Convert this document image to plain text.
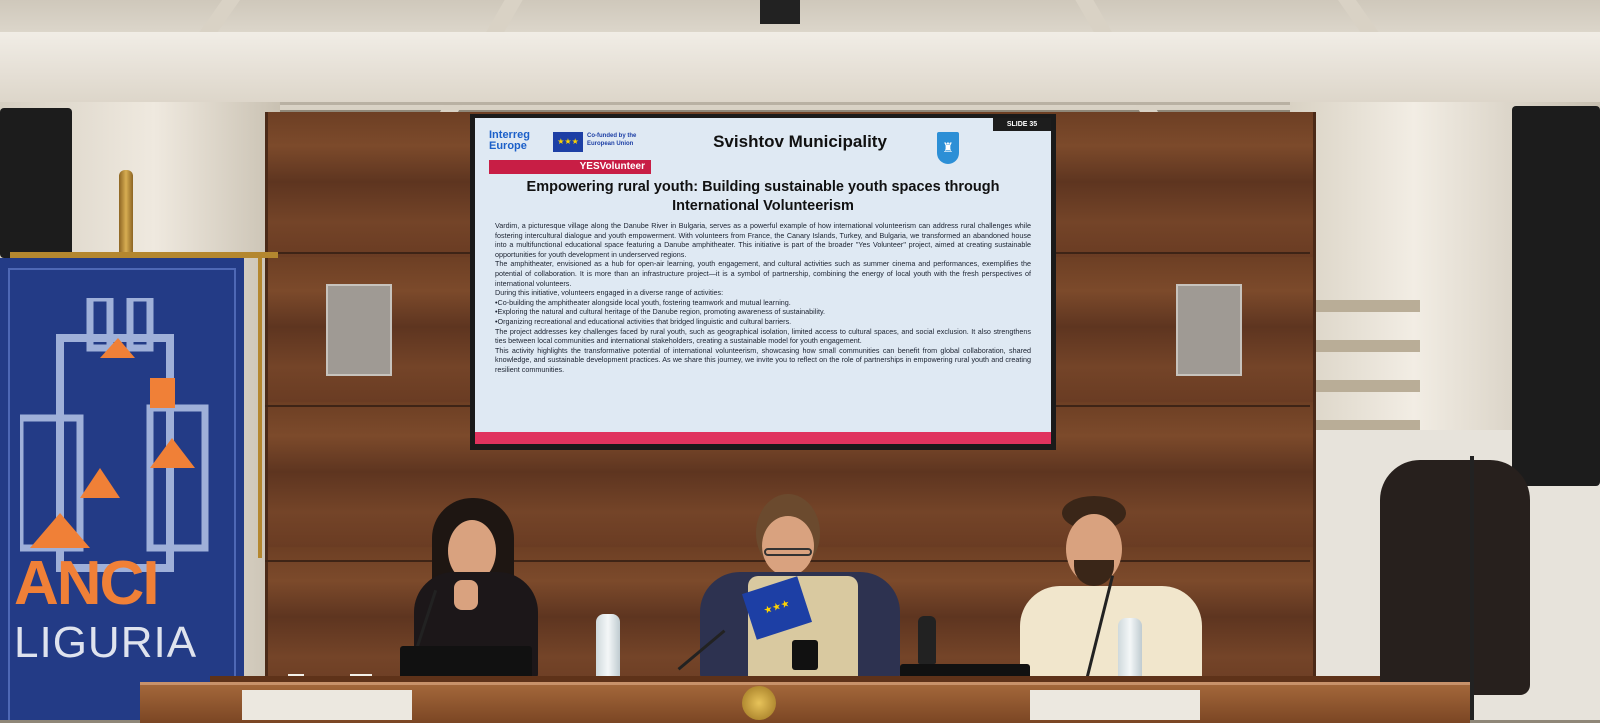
SLIDE 35
Interreg Europe	★★★
Co-funded by the European Union
YESVolunteer
Svishtov Municipality	♜
Empowering rural youth: Building sustainable youth spaces through International Volunteerism

Vardim, a picturesque village along the Danube River in Bulgaria, serves as a powerful example of how international volunteerism can address rural challenges while fostering intercultural dialogue and youth empowerment. With volunteers from France, the Canary Islands, Turkey, and Bulgaria, we transformed an abandoned house into a multifunctional educational space featuring a Danube amphitheater. This initiative is part of the broader "Yes Volunteer" project, aimed at creating sustainable opportunities for youth development in underserved regions.

The amphitheater, envisioned as a hub for open-air learning, youth engagement, and cultural activities such as summer cinema and performances, exemplifies the potential of collaboration. It is more than an infrastructure project—it is a symbol of partnership, combining the energy of local youth with the fresh perspectives of international volunteers.

During this initiative, volunteers engaged in a diverse range of activities:

•Co-building the amphitheater alongside local youth, fostering teamwork and mutual learning.

•Exploring the natural and cultural heritage of the Danube region, promoting awareness of sustainability.

•Organizing recreational and educational activities that bridged linguistic and cultural barriers.

The project addresses key challenges faced by rural youth, such as geographical isolation, limited access to cultural spaces, and social exclusion. It also strengthens ties between local communities and international stakeholders, creating a sustainable model for youth engagement.

This activity highlights the transformative potential of international volunteerism, showcasing how small communities can benefit from global collaboration, shared knowledge, and sustainable development practices. As we share this journey, we invite you to reflect on the role of partnerships in empowering rural youth and creating resilient communities.

ANCI
LIGURIA
★★★
